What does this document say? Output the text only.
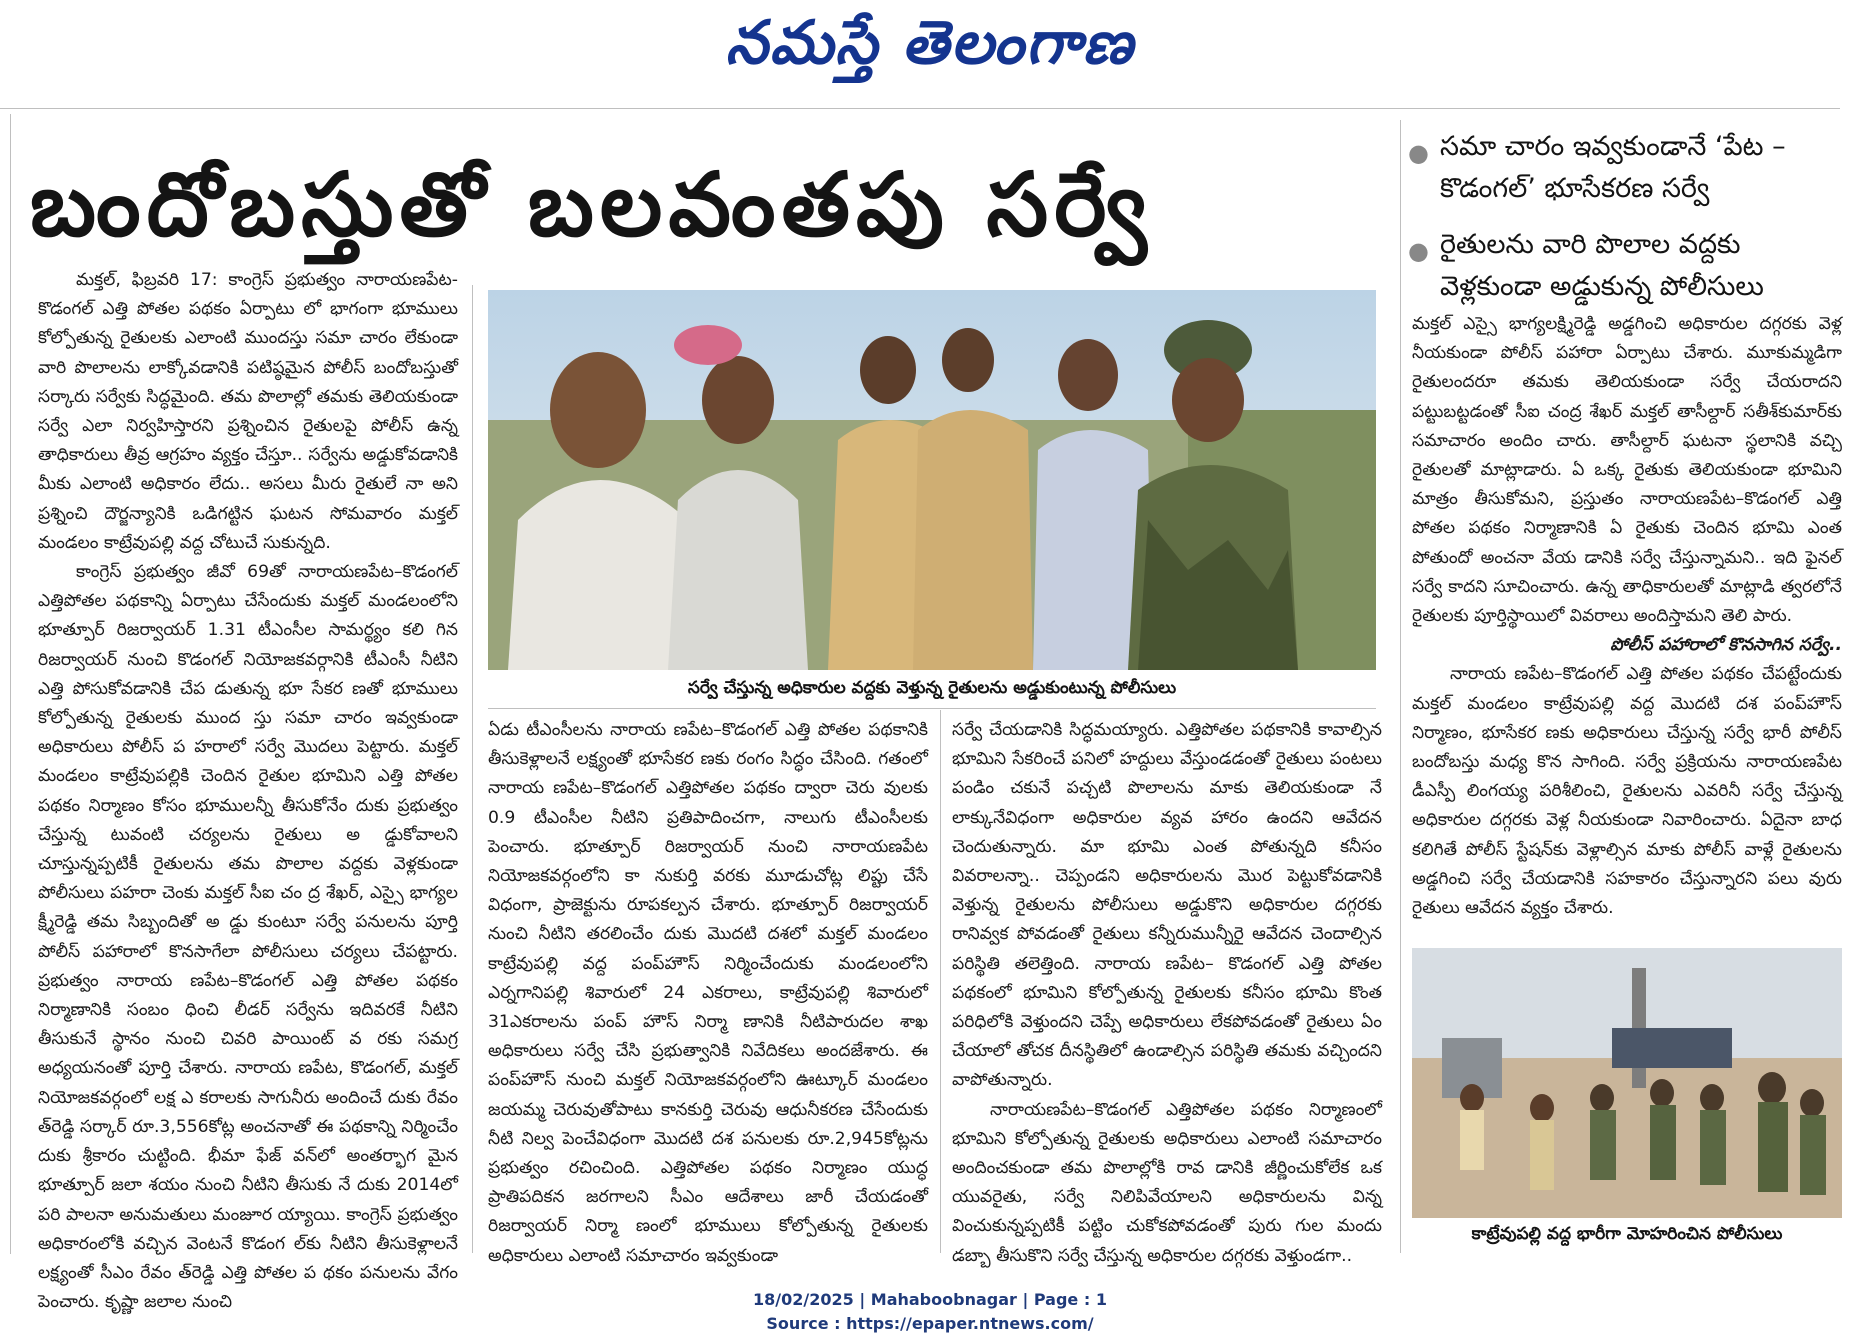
నమస్తే తెలంగాణ
బందోబస్తుతో బలవంతపు సర్వే	● సమా చారం ఇవ్వకుండానే ‘పేట – కొడంగల్’ భూసేకరణ సర్వే
● రైతులను వారి పొలాల వద్దకు వెళ్లకుండా అడ్డుకున్న పోలీసులు

మక్తల్, ఫిబ్రవరి 17: కాంగ్రెస్ ప్రభుత్వం నారాయణపేట-కొడంగల్ ఎత్తి పోతల పథకం ఏర్పాటు లో భాగంగా భూములు కోల్పోతున్న రైతులకు ఎలాంటి ముందస్తు సమా చారం లేకుండా వారి పొలాలను లాక్కోవడానికి పటిష్ఠమైన పోలీస్ బందోబస్తుతో సర్కారు సర్వేకు సిద్ధమైంది. తమ పొలాల్లో తమకు తెలియకుండా సర్వే ఎలా నిర్వహిస్తారని ప్రశ్నించిన రైతులపై పోలీస్ ఉన్న తాధికారులు తీవ్ర ఆగ్రహం వ్యక్తం చేస్తూ.. సర్వేను అడ్డుకోవడానికి మీకు ఎలాంటి అధికారం లేదు.. అసలు మీరు రైతులే నా అని ప్రశ్నించి దౌర్జన్యానికి ఒడిగట్టిన ఘటన సోమవారం మక్తల్ మండలం కాట్రేవుపల్లి వద్ద చోటుచే సుకున్నది.

కాంగ్రెస్ ప్రభుత్వం జీవో 69తో నారాయణపేట–కొడంగల్ ఎత్తిపోతల పథకాన్ని ఏర్పాటు చేసేందుకు మక్తల్ మండలంలోని భూత్పూర్ రిజర్వాయర్ 1.31 టీఎంసీల సామర్థ్యం కలి గిన రిజర్వాయర్ నుంచి కొడంగల్ నియోజకవర్గానికి టీఎంసీ నీటిని ఎత్తి పోసుకోవడానికి చేప డుతున్న భూ సేకర ణతో భూములు కోల్పోతున్న రైతులకు ముంద స్తు సమా చారం ఇవ్వకుండా అధికారులు పోలీస్ ప హరాలో సర్వే మొదలు పెట్టారు. మక్తల్ మండలం కాట్రేవుపల్లికి చెందిన రైతుల భూమిని ఎత్తి పోతల పథకం నిర్మాణం కోసం భూములన్నీ తీసుకోనేం దుకు ప్రభుత్వం చేస్తున్న టువంటి చర్యలను రైతులు అ డ్డుకోవాలని చూస్తున్నప్పటికీ రైతులను తమ పొలాల వద్దకు వెళ్లకుండా పోలీసులు పహరా చెంకు మక్తల్ సీఐ చం ద్ర శేఖర్, ఎస్సై భాగ్యల క్ష్మీరెడ్డి తమ సిబ్బందితో అ డ్డు కుంటూ సర్వే పనులను పూర్తి పోలీస్ పహారాలో కొనసాగేలా పోలీసులు చర్యలు చేపట్టారు. ప్రభుత్వం నారాయ ణపేట–కొడంగల్ ఎత్తి పోతల పథకం నిర్మాణానికి సంబం ధించి లీడర్ సర్వేను ఇదివరకే నీటిని తీసుకునే స్థానం నుంచి చివరి పాయింట్ వ రకు సమగ్ర అధ్యయనంతో పూర్తి చేశారు. నారాయ ణపేట, కొడంగల్, మక్తల్ నియోజకవర్గంలో లక్ష ఎ కరాలకు సాగునీరు అందించే దుకు రేవం త్‌రెడ్డి సర్కార్ రూ.3,556కోట్ల అంచనాతో ఈ పథకాన్ని నిర్మించేం దుకు శ్రీకారం చుట్టింది. భీమా ఫేజ్ వన్‌లో అంతర్భాగ మైన భూత్పూర్ జలా శయం నుంచి నీటిని తీసుకు నే దుకు 2014లో పరి పాలనా అనుమతులు మంజూర య్యాయి. కాంగ్రెస్ ప్రభుత్వం అధికారంలోకి వచ్చిన వెంటనే కొడంగ ల్‌కు నీటిని తీసుకెళ్లాలనే లక్ష్యంతో సీఎం రేవం త్‌రెడ్డి ఎత్తి పోతల ప థకం పనులను వేగం పెంచారు. కృష్ణా జలాల నుంచి

సర్వే చేస్తున్న అధికారుల వద్దకు వెళ్తున్న రైతులను అడ్డుకుంటున్న పోలీసులు

ఏడు టీఎంసీలను నారాయ ణపేట–కొడంగల్ ఎత్తి పోతల పథకానికి తీసుకెళ్లాలనే లక్ష్యంతో భూసేకర ణకు రంగం సిద్ధం చేసింది. గతంలో నారాయ ణపేట–కొడంగల్ ఎత్తిపోతల పథకం ద్వారా చెరు వులకు 0.9 టీఎంసీల నీటిని ప్రతిపాదించగా, నాలుగు టీఎంసీలకు పెంచారు. భూత్పూర్ రిజర్వాయర్ నుంచి నారాయణపేట నియోజకవర్గంలోని కా నుకుర్తి వరకు మూడుచోట్ల లిప్టు చేసే విధంగా, ప్రాజెక్టును రూపకల్పన చేశారు. భూత్పూర్ రిజర్వాయర్ నుంచి నీటిని తరలించేం దుకు మొదటి దశలో మక్తల్ మండలం కాట్రేవుపల్లి వద్ద పంప్‌హౌస్ నిర్మించేందుకు మండలంలోని ఎర్నగానిపల్లి శివారులో 24 ఎకరాలు, కాట్రేవుపల్లి శివారులో 31ఎకరాలను పంప్ హౌస్ నిర్మా ణానికి నీటిపారుదల శాఖ అధికారులు సర్వే చేసి ప్రభుత్వానికి నివేదికలు అందజేశారు. ఈ పంప్‌హౌస్ నుంచి మక్తల్ నియోజకవర్గంలోని ఊట్కూర్ మండలం జయమ్మ చెరువుతోపాటు కానకుర్తి చెరువు ఆధునీకరణ చేసేందుకు నీటి నిల్వ పెంచేవిధంగా మొదటి దశ పనులకు రూ.2,945కోట్లను ప్రభుత్వం రచించింది. ఎత్తిపోతల పథకం నిర్మాణం యుద్ధ ప్రాతిపదికన జరగాలని సీఎం ఆదేశాలు జారీ చేయడంతో రిజర్వాయర్ నిర్మా ణంలో భూములు కోల్పోతున్న రైతులకు అధికారులు ఎలాంటి సమాచారం ఇవ్వకుండా

సర్వే చేయడానికి సిద్ధమయ్యారు. ఎత్తిపోతల పథకానికి కావాల్సిన భూమిని సేకరించే పనిలో హద్దులు వేస్తుండడంతో రైతులు పంటలు పండిం చకునే పచ్చటి పొలాలను మాకు తెలియకుండా నే లాక్కునేవిధంగా అధికారుల వ్యవ హారం ఉందని ఆవేదన చెందుతున్నారు. మా భూమి ఎంత పోతున్నది కనీసం వివరాలన్నా.. చెప్పండని అధికారులను మొర పెట్టుకోవడానికి వెళ్తున్న రైతులను పోలీసులు అడ్డుకొని అధికారుల దగ్గరకు రానివ్వక పోవడంతో రైతులు కన్నీరుమున్నీరై ఆవేదన చెందాల్సిన పరిస్థితి తలెత్తింది. నారాయ ణపేట– కొడంగల్ ఎత్తి పోతల పథకంలో భూమిని కోల్పోతున్న రైతులకు కనీసం భూమి కొంత పరిధిలోకి వెళ్తుందని చెప్పే అధికారులు లేకపోవడంతో రైతులు ఏం చేయాలో తోచక దీనస్థితిలో ఉండాల్సిన పరిస్థితి తమకు వచ్చిందని వాపోతున్నారు.

నారాయణపేట–కొడంగల్ ఎత్తిపోతల పథకం నిర్మాణంలో భూమిని కోల్పోతున్న రైతులకు అధికారులు ఎలాంటి సమాచారం అందించకుండా తమ పొలాల్లోకి రావ డానికి జీర్ణించుకోలేక ఒక యువరైతు, సర్వే నిలిపివేయాలని అధికారులను విన్న వించుకున్నప్పటికీ పట్టిం చుకోకపోవడంతో పురు గుల మందు డబ్బా తీసుకొని సర్వే చేస్తున్న అధికారుల దగ్గరకు వెళ్తుండగా..

మక్తల్ ఎస్సై భాగ్యలక్ష్మిరెడ్డి అడ్డగించి అధికారుల దగ్గరకు వెళ్ల నీయకుండా పోలీస్ పహారా ఏర్పాటు చేశారు. మూకుమ్మడిగా రైతులందరూ తమకు తెలియకుండా సర్వే చేయరాదని పట్టుబట్టడంతో సీఐ చంద్ర శేఖర్ మక్తల్ తాసీల్దార్ సతీశ్‌కుమార్‌కు సమాచారం అందిం చారు. తాసీల్దార్ ఘటనా స్థలానికి వచ్చి రైతులతో మాట్లాడారు. ఏ ఒక్క రైతుకు తెలియకుండా భూమిని మాత్రం తీసుకోమని, ప్రస్తుతం నారాయణపేట–కొడంగల్ ఎత్తి పోతల పథకం నిర్మాణానికి ఏ రైతుకు చెందిన భూమి ఎంత పోతుందో అంచనా వేయ డానికి సర్వే చేస్తున్నామని.. ఇది ఫైనల్ సర్వే కాదని సూచించారు. ఉన్న తాధికారులతో మాట్లాడి త్వరలోనే రైతులకు పూర్తిస్థాయిలో వివరాలు అందిస్తామని తెలి పారు.

పోలీస్ పహారాలో కొనసాగిన సర్వే..

నారాయ ణపేట–కొడంగల్ ఎత్తి పోతల పథకం చేపట్టేందుకు మక్తల్ మండలం కాట్రేవుపల్లి వద్ద మొదటి దశ పంప్‌హౌస్ నిర్మాణం, భూసేకర ణకు అధికారులు చేస్తున్న సర్వే భారీ పోలీస్ బందోబస్తు మధ్య కొన సాగింది. సర్వే ప్రక్రియను నారాయణపేట డీఎస్పీ లింగయ్య పరిశీలించి, రైతులను ఎవరినీ సర్వే చేస్తున్న అధికారుల దగ్గరకు వెళ్ల నీయకుండా నివారించారు. ఏదైనా బాధ కలిగితే పోలీస్ స్టేషన్‌కు వెళ్లాల్సిన మాకు పోలీస్ వాళ్లే రైతులను అడ్డగించి సర్వే చేయడానికి సహకారం చేస్తున్నారని పలు వురు రైతులు ఆవేదన వ్యక్తం చేశారు.

కాట్రేవుపల్లి వద్ద భారీగా మోహరించిన పోలీసులు
18/02/2025 | Mahaboobnagar | Page : 1
Source : https://epaper.ntnews.com/
